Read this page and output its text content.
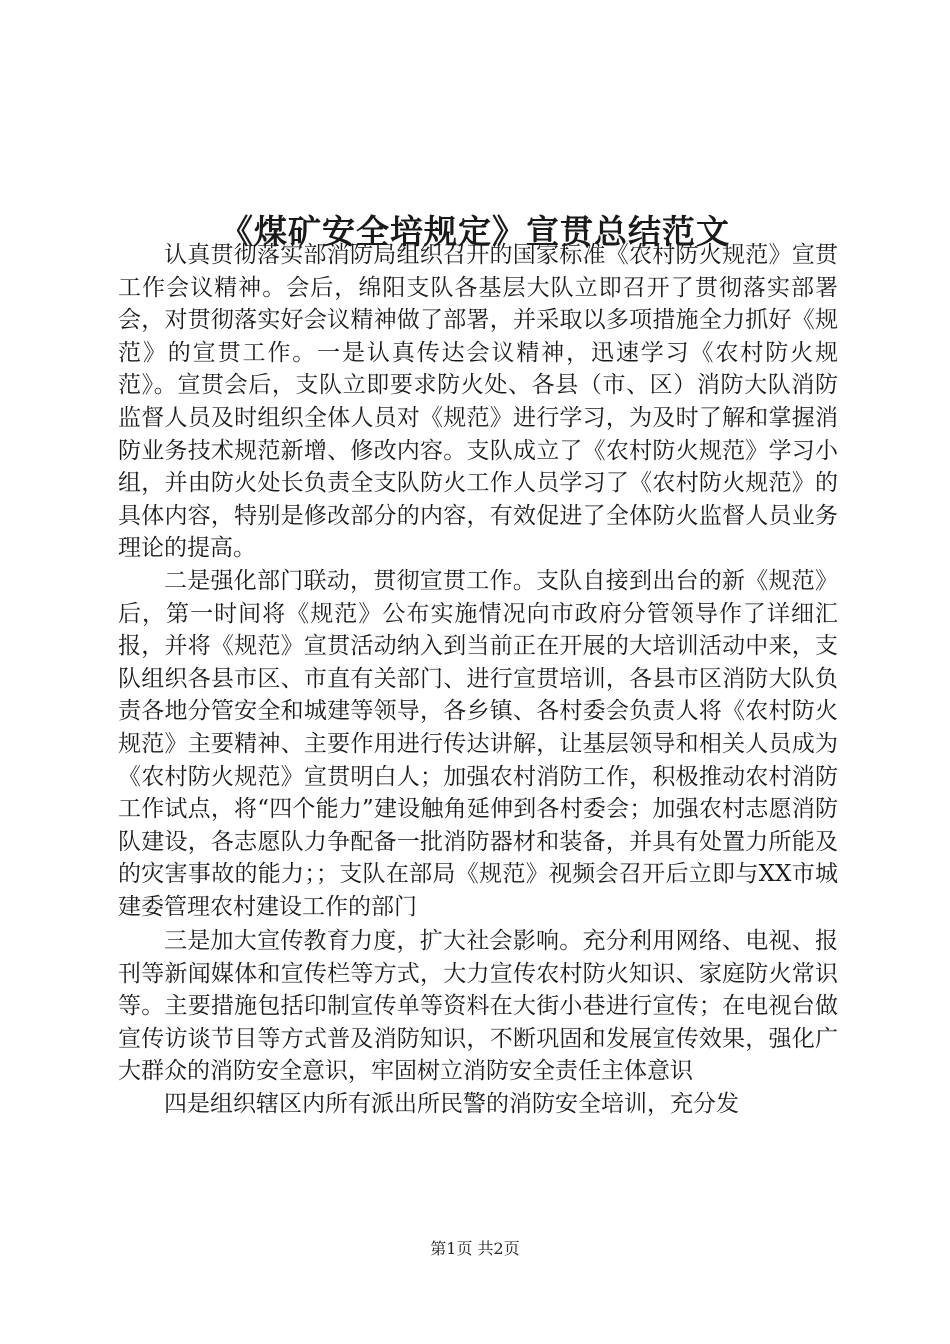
《煤矿安全培规定》宣贯总结范文

认真贯彻落实部消防局组织召开的国家标准《农村防火规范》宣贯工作会议精神。会后，绵阳支队各基层大队立即召开了贯彻落实部署会，对贯彻落实好会议精神做了部署，并采取以多项措施全力抓好《规范》的宣贯工作。一是认真传达会议精神，迅速学习《农村防火规范》。宣贯会后，支队立即要求防火处、各县（市、区）消防大队消防监督人员及时组织全体人员对《规范》进行学习，为及时了解和掌握消防业务技术规范新增、修改内容。支队成立了《农村防火规范》学习小组，并由防火处长负责全支队防火工作人员学习了《农村防火规范》的具体内容，特别是修改部分的内容，有效促进了全体防火监督人员业务理论的提高。

二是强化部门联动，贯彻宣贯工作。支队自接到出台的新《规范》后，第一时间将《规范》公布实施情况向市政府分管领导作了详细汇报，并将《规范》宣贯活动纳入到当前正在开展的大培训活动中来，支队组织各县市区、市直有关部门、进行宣贯培训，各县市区消防大队负责各地分管安全和城建等领导，各乡镇、各村委会负责人将《农村防火规范》主要精神、主要作用进行传达讲解，让基层领导和相关人员成为《农村防火规范》宣贯明白人；加强农村消防工作，积极推动农村消防工作试点，将“四个能力”建设触角延伸到各村委会；加强农村志愿消防队建设，各志愿队力争配备一批消防器材和装备，并具有处置力所能及的灾害事故的能力；；支队在部局《规范》视频会召开后立即与XX市城建委管理农村建设工作的部门

三是加大宣传教育力度，扩大社会影响。充分利用网络、电视、报刊等新闻媒体和宣传栏等方式，大力宣传农村防火知识、家庭防火常识等。主要措施包括印制宣传单等资料在大街小巷进行宣传；在电视台做宣传访谈节目等方式普及消防知识，不断巩固和发展宣传效果，强化广大群众的消防安全意识，牢固树立消防安全责任主体意识

四是组织辖区内所有派出所民警的消防安全培训，充分发

第1页 共2页
